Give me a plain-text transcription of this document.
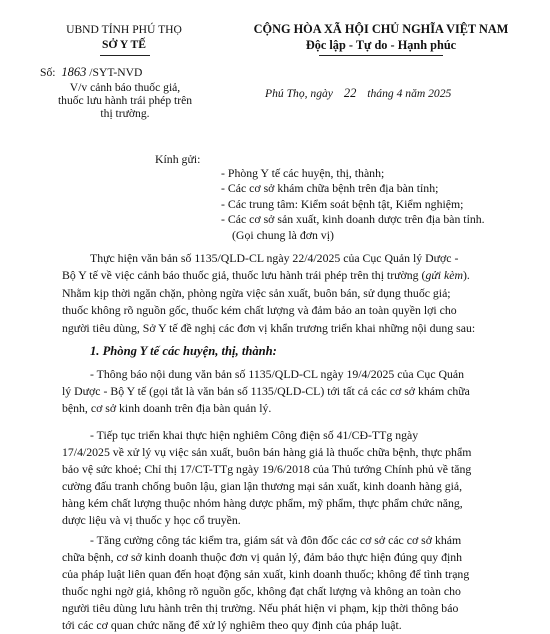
UBND TỈNH PHÚ THỌ
SỞ Y TẾ
Số: 1863 /SYT-NVD
V/v cảnh báo thuốc giả,
thuốc lưu hành trái phép trên
thị trường.
CỘNG HÒA XÃ HỘI CHỦ NGHĨA VIỆT NAM
Độc lập - Tự do - Hạnh phúc
Phú Thọ, ngày 22 tháng 4 năm 2025
Kính gửi:
- Phòng Y tế các huyện, thị, thành;
- Các cơ sở khám chữa bệnh trên địa bàn tỉnh;
- Các trung tâm: Kiểm soát bệnh tật, Kiểm nghiệm;
- Các cơ sở sản xuất, kinh doanh dược trên địa bàn tỉnh.
(Gọi chung là đơn vị)
Thực hiện văn bản số 1135/QLD-CL ngày 22/4/2025 của Cục Quản lý Dược -
Bộ Y tế về việc cảnh báo thuốc giả, thuốc lưu hành trái phép trên thị trường (gửi kèm).
Nhằm kịp thời ngăn chặn, phòng ngừa việc sản xuất, buôn bán, sử dụng thuốc giả;
thuốc không rõ nguồn gốc, thuốc kém chất lượng và đảm bảo an toàn quyền lợi cho
người tiêu dùng, Sở Y tế đề nghị các đơn vị khẩn trương triển khai những nội dung sau:
1. Phòng Y tế các huyện, thị, thành:
- Thông báo nội dung văn bản số 1135/QLD-CL ngày 19/4/2025 của Cục Quản
lý Dược - Bộ Y tế (gọi tắt là văn bản số 1135/QLD-CL) tới tất cả các cơ sở khám chữa
bệnh, cơ sở kinh doanh trên địa bàn quản lý.
- Tiếp tục triển khai thực hiện nghiêm Công điện số 41/CĐ-TTg ngày
17/4/2025 về xử lý vụ việc sản xuất, buôn bán hàng giả là thuốc chữa bệnh, thực phẩm
bảo vệ sức khoẻ; Chỉ thị 17/CT-TTg ngày 19/6/2018 của Thủ tướng Chính phủ về tăng
cường đấu tranh chống buôn lậu, gian lận thương mại sản xuất, kinh doanh hàng giả,
hàng kém chất lượng thuộc nhóm hàng dược phẩm, mỹ phẩm, thực phẩm chức năng,
dược liệu và vị thuốc y học cổ truyền.
- Tăng cường công tác kiểm tra, giám sát và đôn đốc các cơ sở các cơ sở khám
chữa bệnh, cơ sở kinh doanh thuộc đơn vị quản lý, đảm bảo thực hiện đúng quy định
của pháp luật liên quan đến hoạt động sản xuất, kinh doanh thuốc; không để tình trạng
thuốc nghi ngờ giả, không rõ nguồn gốc, không đạt chất lượng và không an toàn cho
người tiêu dùng lưu hành trên thị trường. Nếu phát hiện vi phạm, kịp thời thông báo
tới các cơ quan chức năng để xử lý nghiêm theo quy định của pháp luật.
